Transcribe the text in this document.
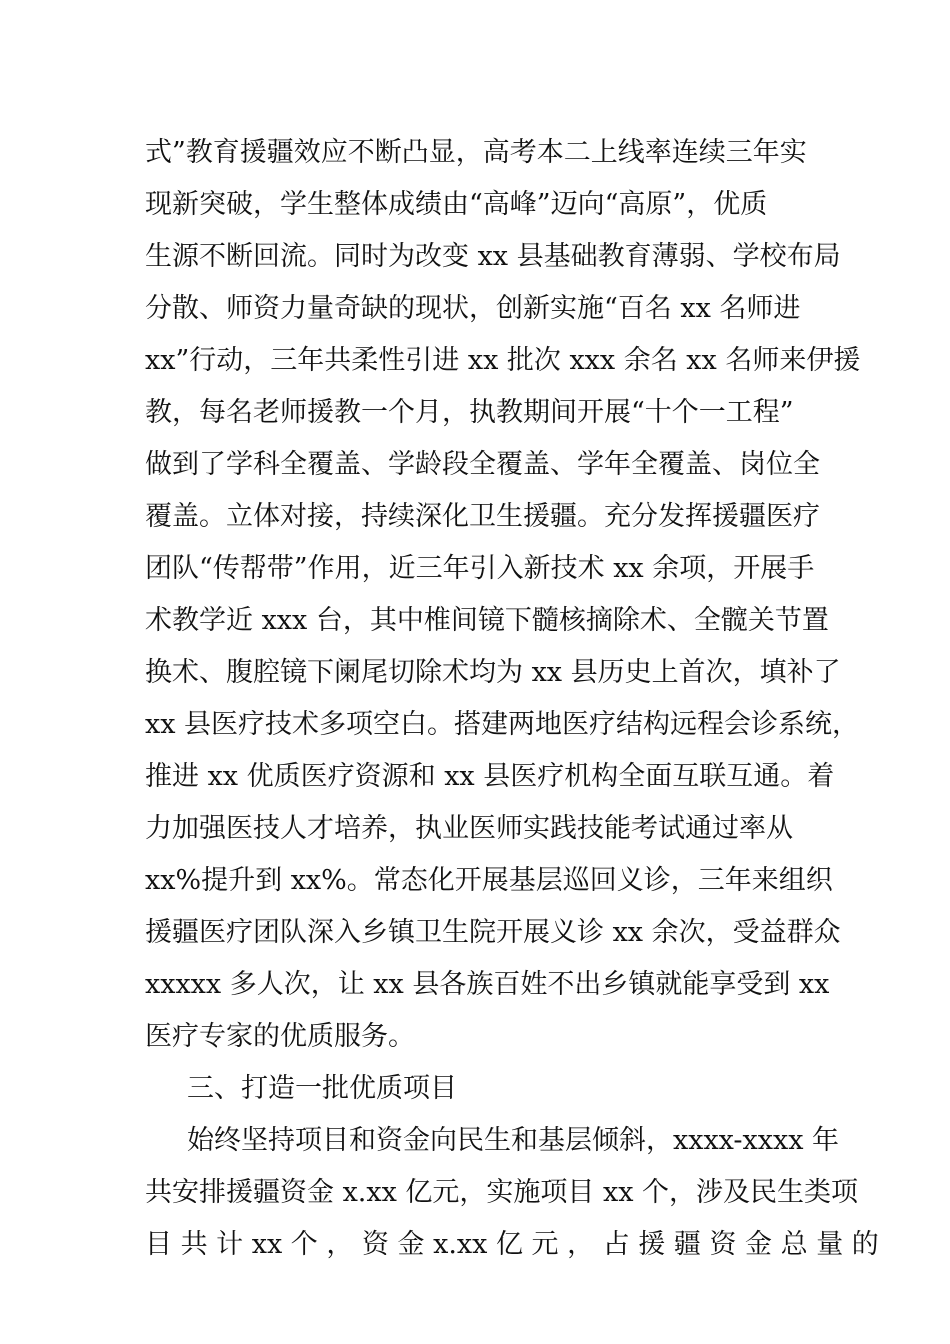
式”教育援疆效应不断凸显，高考本二上线率连续三年实
现新突破，学生整体成绩由“高峰”迈向“高原”，优质
生源不断回流。同时为改变 xx 县基础教育薄弱、学校布局
分散、师资力量奇缺的现状，创新实施“百名 xx 名师进
xx”行动，三年共柔性引进 xx 批次 xxx 余名 xx 名师来伊援
教，每名老师援教一个月，执教期间开展“十个一工程”
做到了学科全覆盖、学龄段全覆盖、学年全覆盖、岗位全
覆盖。立体对接，持续深化卫生援疆。充分发挥援疆医疗
团队“传帮带”作用，近三年引入新技术 xx 余项，开展手
术教学近 xxx 台，其中椎间镜下髓核摘除术、全髋关节置
换术、腹腔镜下阑尾切除术均为 xx 县历史上首次，填补了
xx 县医疗技术多项空白。搭建两地医疗结构远程会诊系统，
推进 xx 优质医疗资源和 xx 县医疗机构全面互联互通。着
力加强医技人才培养，执业医师实践技能考试通过率从
xx%提升到 xx%。常态化开展基层巡回义诊，三年来组织
援疆医疗团队深入乡镇卫生院开展义诊 xx 余次，受益群众
xxxxx 多人次，让 xx 县各族百姓不出乡镇就能享受到 xx
医疗专家的优质服务。
三、打造一批优质项目
始终坚持项目和资金向民生和基层倾斜，xxxx-xxxx 年
共安排援疆资金 x.xx 亿元，实施项目 xx 个，涉及民生类项
目 共 计 xx 个 ， 资 金 x.xx 亿 元 ， 占 援 疆 资 金 总 量 的
